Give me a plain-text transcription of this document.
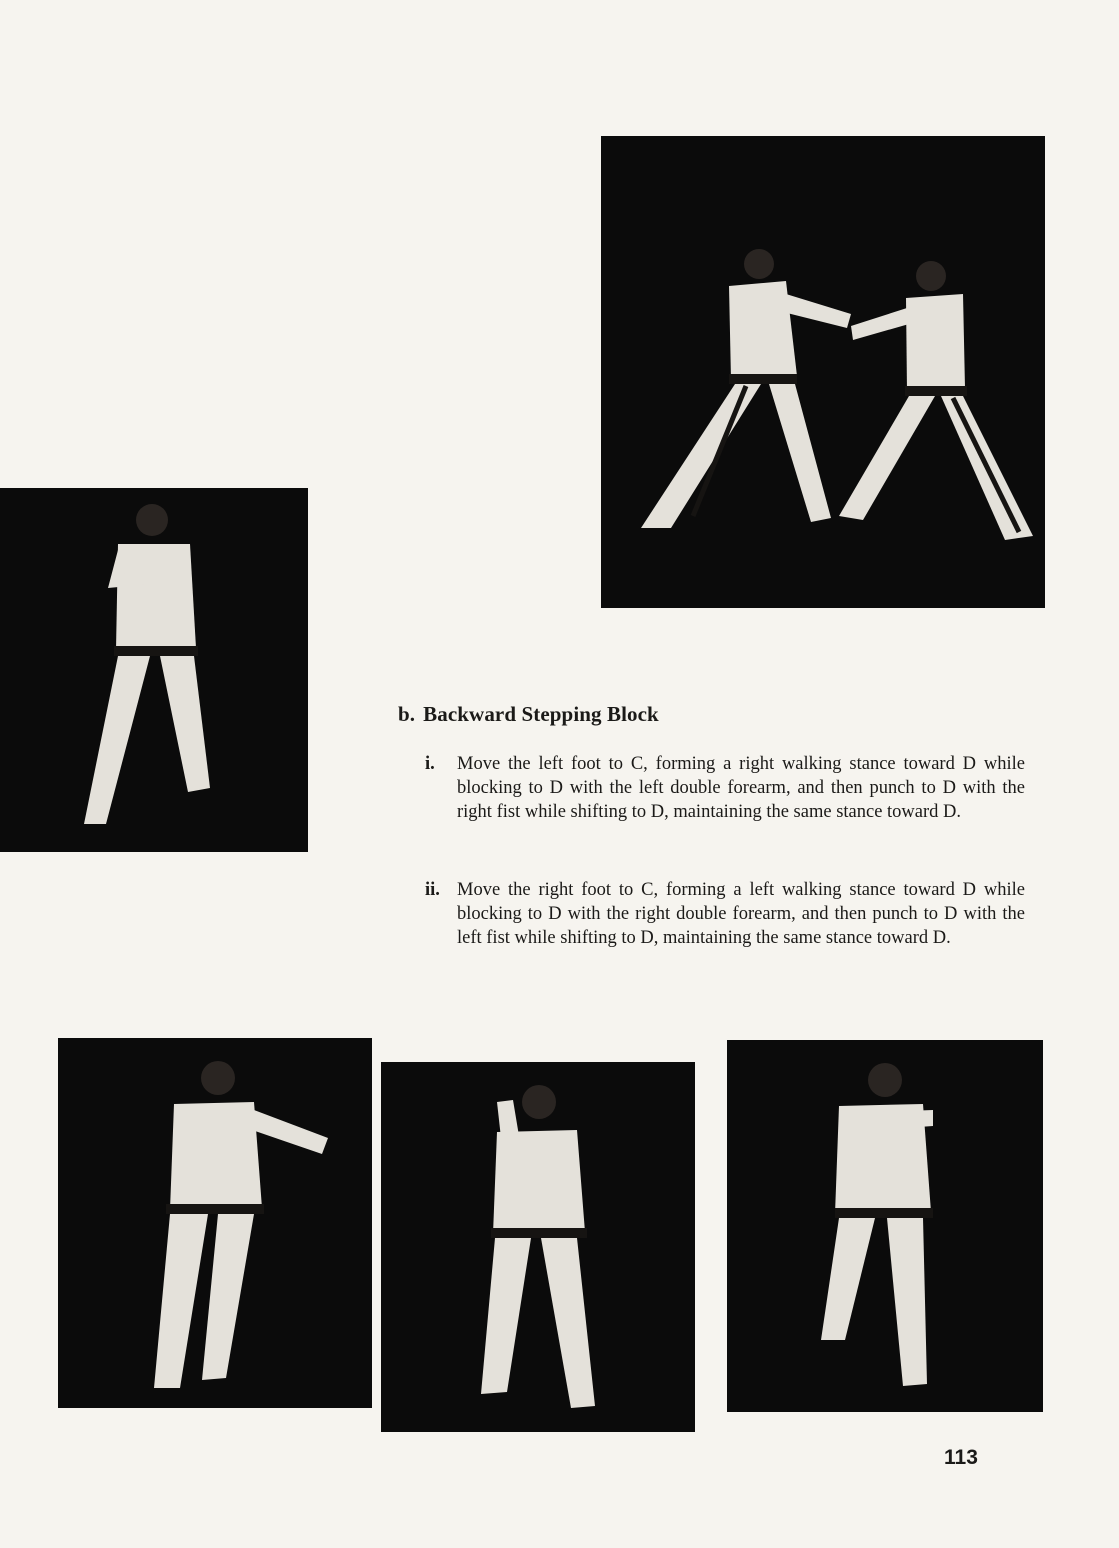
b. Backward Stepping Block
i. Move the left foot to C, forming a right walking stance toward D while blocking to D with the left double forearm, and then punch to D with the right fist while shifting to D, maintaining the same stance toward D.
ii. Move the right foot to C, forming a left walking stance toward D while blocking to D with the right double forearm, and then punch to D with the left fist while shifting to D, maintaining the same stance toward D.
113
